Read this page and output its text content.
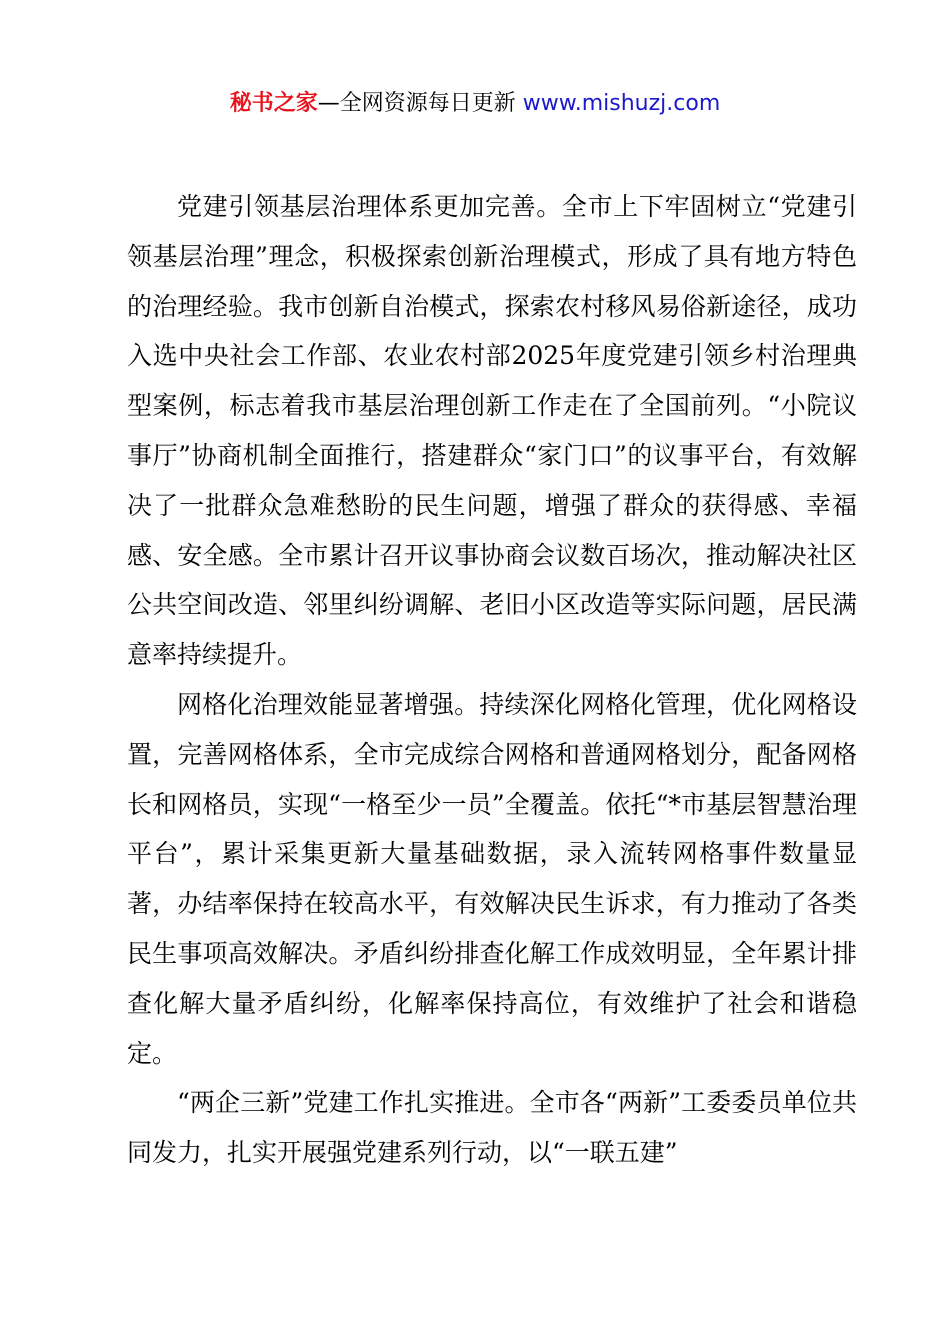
秘书之家—全网资源每日更新 www.mishuzj.com

党建引领基层治理体系更加完善。全市上下牢固树立“党建引领基层治理”理念，积极探索创新治理模式，形成了具有地方特色的治理经验。我市创新自治模式，探索农村移风易俗新途径，成功入选中央社会工作部、农业农村部2025年度党建引领乡村治理典型案例，标志着我市基层治理创新工作走在了全国前列。“小院议事厅”协商机制全面推行，搭建群众“家门口”的议事平台，有效解决了一批群众急难愁盼的民生问题，增强了群众的获得感、幸福感、安全感。全市累计召开议事协商会议数百场次，推动解决社区公共空间改造、邻里纠纷调解、老旧小区改造等实际问题，居民满意率持续提升。

网格化治理效能显著增强。持续深化网格化管理，优化网格设置，完善网格体系，全市完成综合网格和普通网格划分，配备网格长和网格员，实现“一格至少一员”全覆盖。依托“*市基层智慧治理平台”，累计采集更新大量基础数据，录入流转网格事件数量显著，办结率保持在较高水平，有效解决民生诉求，有力推动了各类民生事项高效解决。矛盾纠纷排查化解工作成效明显，全年累计排查化解大量矛盾纠纷，化解率保持高位，有效维护了社会和谐稳定。

“两企三新”党建工作扎实推进。全市各“两新”工委委员单位共同发力，扎实开展强党建系列行动，以“一联五建”
